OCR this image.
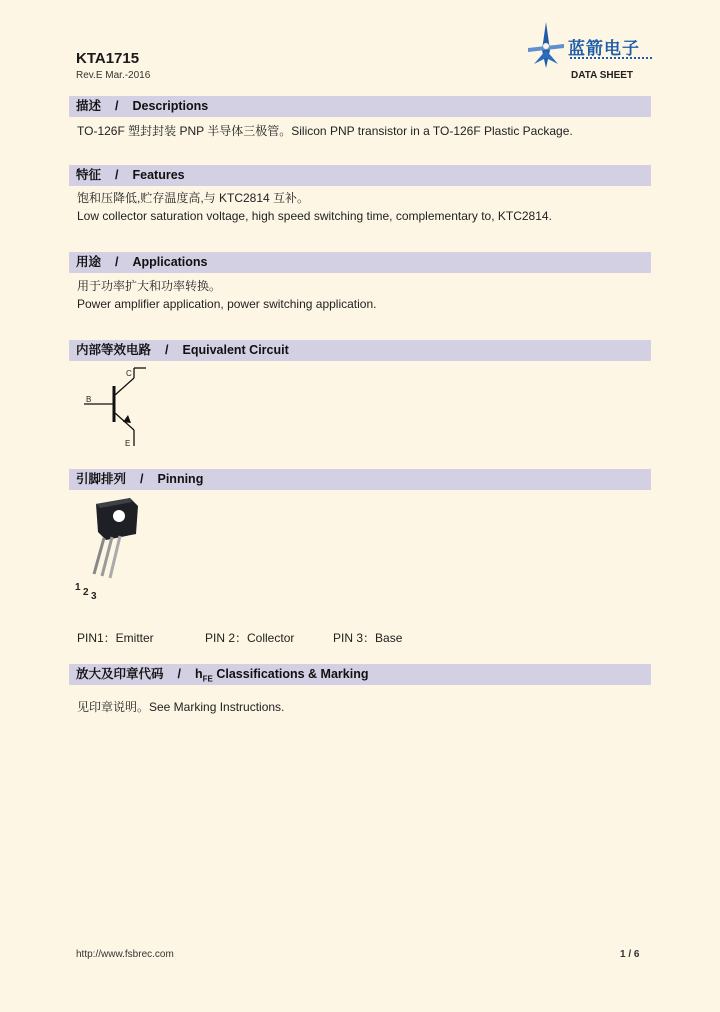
KTA1715
Rev.E Mar.-2016
蓝箭电子
DATA SHEET
描述 / Descriptions
TO-126F 塑封封装 PNP 半导体三极管。Silicon PNP transistor in a TO-126F Plastic Package.
特征 / Features
饱和压降低,贮存温度高,与 KTC2814 互补。
Low collector saturation voltage, high speed switching time, complementary to, KTC2814.
用途 / Applications
用于功率扩大和功率转换。
Power amplifier application, power switching application.
内部等效电路 / Equivalent Circuit
C
B
E
引脚排列 / Pinning
1 2 3
PIN1：Emitter	PIN 2：Collector	PIN 3：Base
放大及印章代码 / $h_{FE}$ Classifications & Marking
见印章说明。See Marking Instructions.
http://www.fsbrec.com	1 / 6
